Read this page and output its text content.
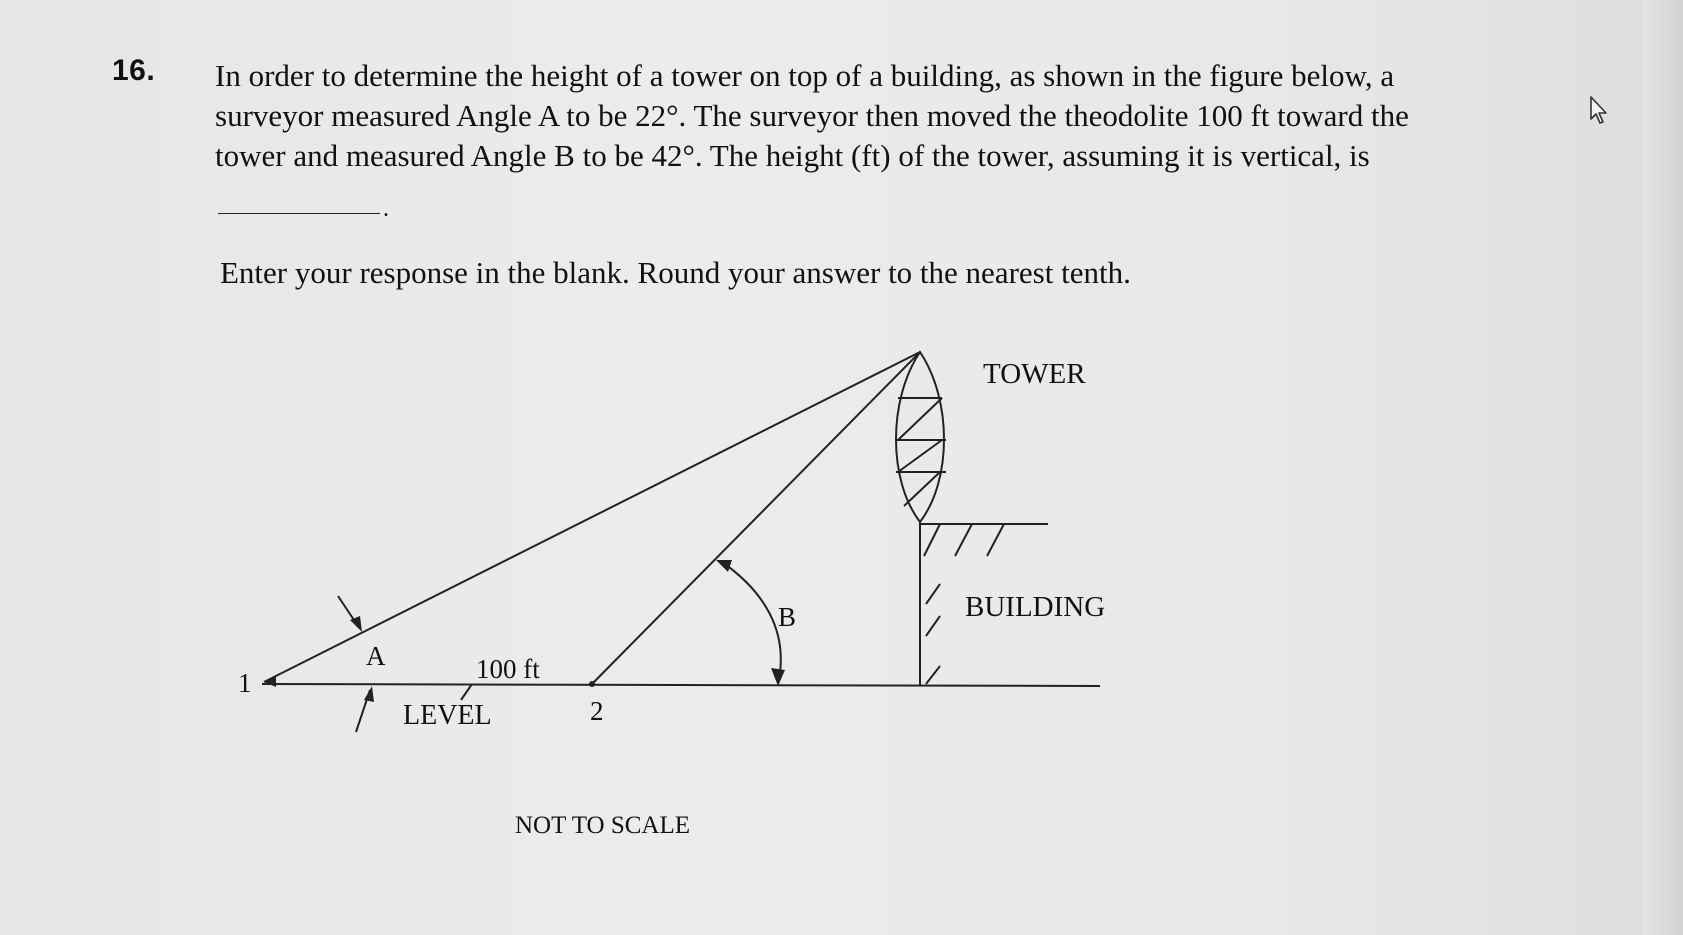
16. In order to determine the height of a tower on top of a building, as shown in the figure below, a
surveyor measured Angle A to be 22°. The surveyor then moved the theodolite 100 ft toward the
tower and measured Angle B to be 42°. The height (ft) of the tower, assuming it is vertical, is
.
Enter your response in the blank. Round your answer to the nearest tenth.
TOWER
BUILDING
A
B
100 ft
LEVEL
1
2
NOT TO SCALE
